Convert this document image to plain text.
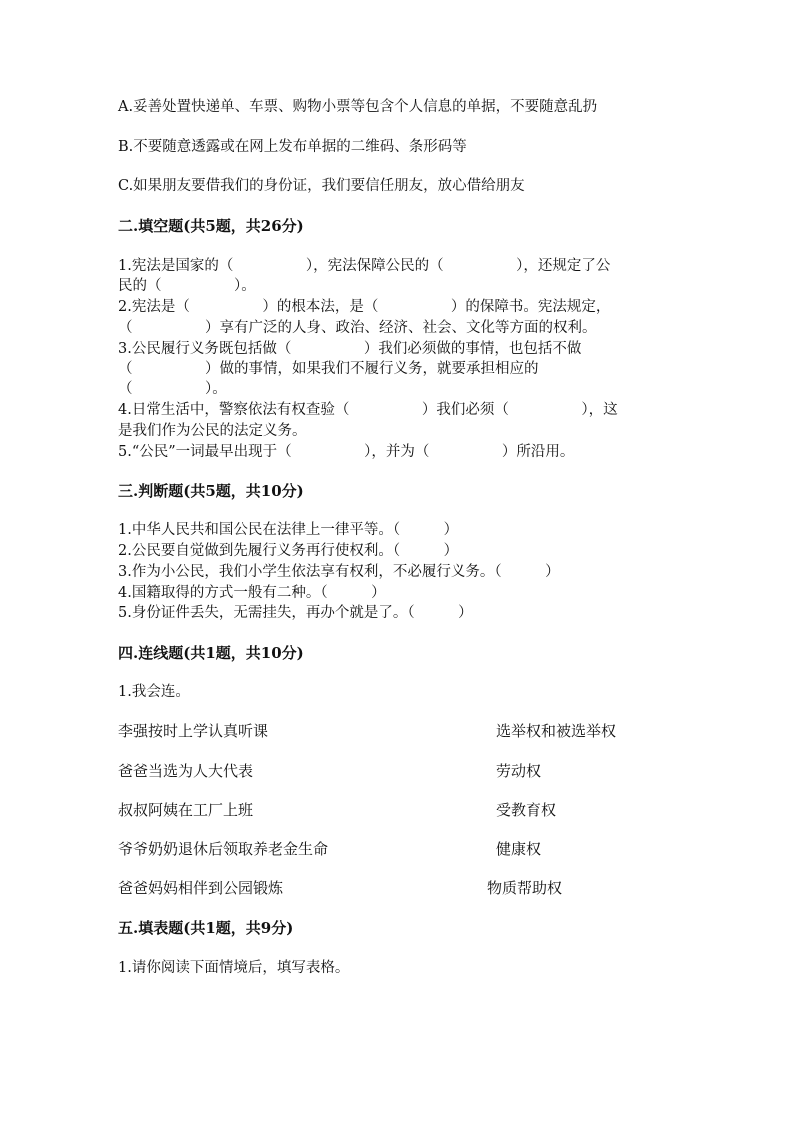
A.妥善处置快递单、车票、购物小票等包含个人信息的单据，不要随意乱扔
B.不要随意透露或在网上发布单据的二维码、条形码等
C.如果朋友要借我们的身份证，我们要信任朋友，放心借给朋友
二.填空题(共5题，共26分)
1.宪法是国家的（　　　　　），宪法保障公民的（　　　　　），还规定了公
民的（　　　　　）。
2.宪法是（　　　　　）的根本法，是（　　　　　）的保障书。宪法规定，
（　　　　　）享有广泛的人身、政治、经济、社会、文化等方面的权利。
3.公民履行义务既包括做（　　　　　）我们必须做的事情，也包括不做
（　　　　　）做的事情，如果我们不履行义务，就要承担相应的
（　　　　　）。
4.日常生活中，警察依法有权查验（　　　　　）我们必须（　　　　　），这
是我们作为公民的法定义务。
5.“公民”一词最早出现于（　　　　　），并为（　　　　　）所沿用。
三.判断题(共5题，共10分)
1.中华人民共和国公民在法律上一律平等。（　　　）
2.公民要自觉做到先履行义务再行使权利。（　　　）
3.作为小公民，我们小学生依法享有权利，不必履行义务。（　　　）
4.国籍取得的方式一般有二种。（　　　）
5.身份证件丢失，无需挂失，再办个就是了。（　　　）
四.连线题(共1题，共10分)
1.我会连。
李强按时上学认真听课	选举权和被选举权
爸爸当选为人大代表	劳动权
叔叔阿姨在工厂上班	受教育权
爷爷奶奶退休后领取养老金生命	健康权
爸爸妈妈相伴到公园锻炼	物质帮助权
五.填表题(共1题，共9分)
1.请你阅读下面情境后，填写表格。
